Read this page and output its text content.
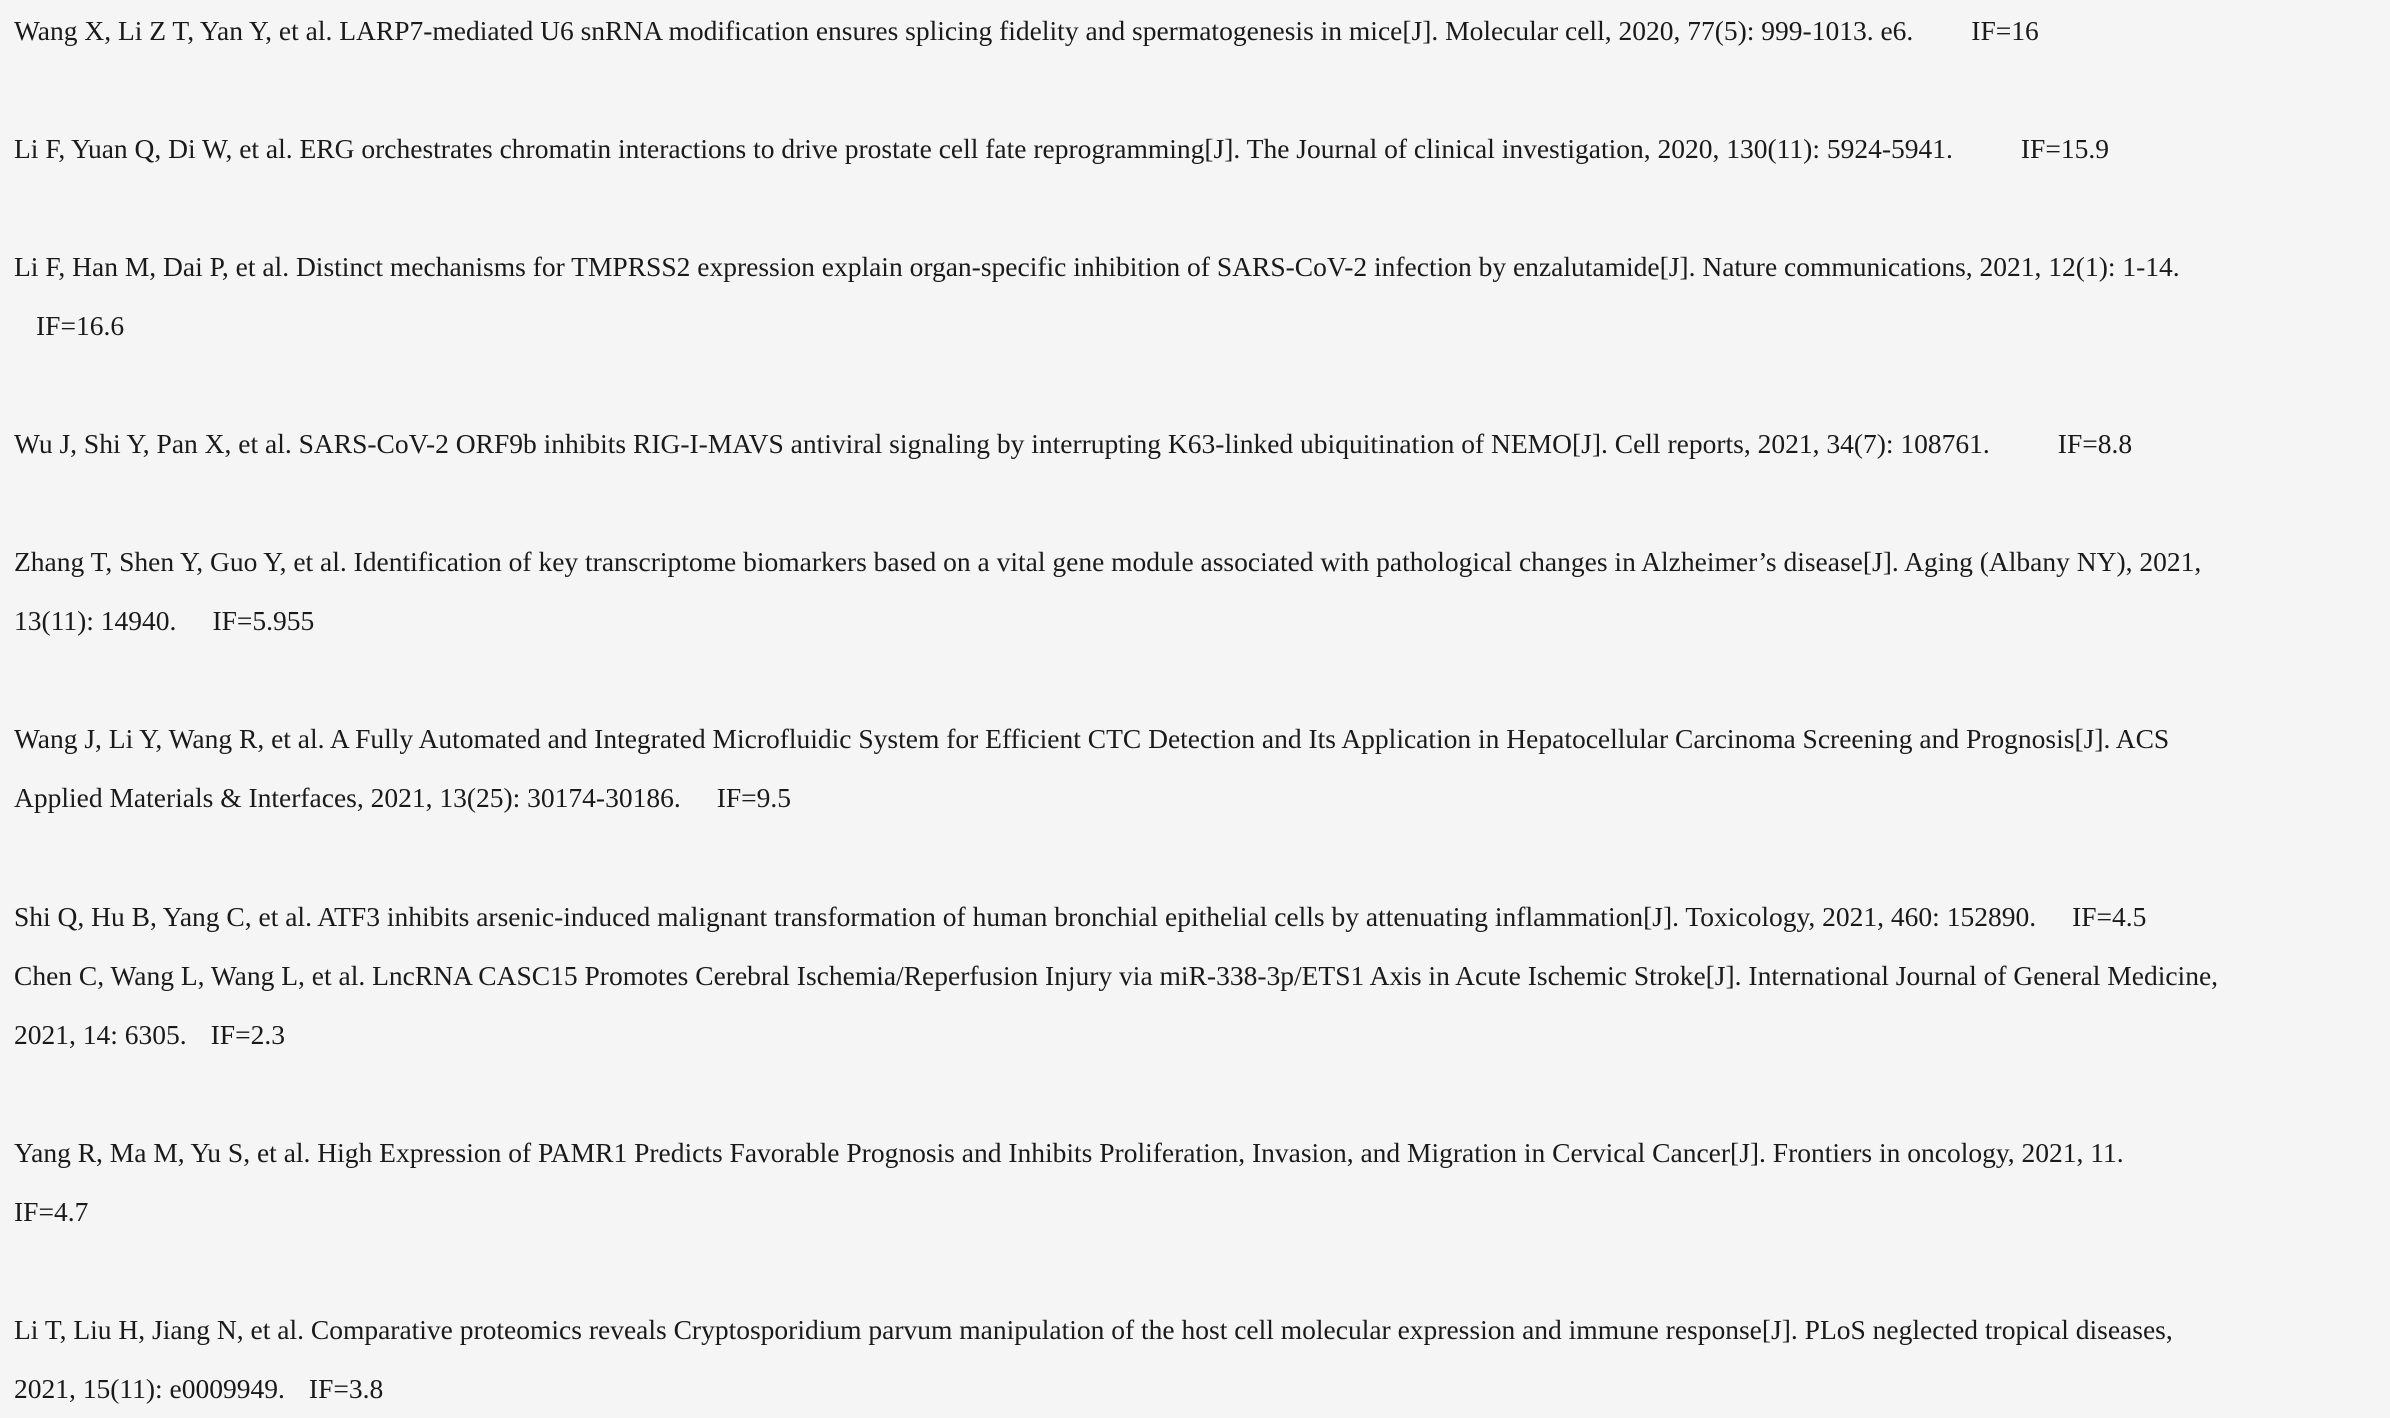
Wang X, Li Z T, Yan Y, et al. LARP7-mediated U6 snRNA modification ensures splicing fidelity and spermatogenesis in mice[J]. Molecular cell, 2020, 77(5): 999-1013. e6. IF=16

Li F, Yuan Q, Di W, et al. ERG orchestrates chromatin interactions to drive prostate cell fate reprogramming[J]. The Journal of clinical investigation, 2020, 130(11): 5924-5941. IF=15.9

Li F, Han M, Dai P, et al. Distinct mechanisms for TMPRSS2 expression explain organ-specific inhibition of SARS-CoV-2 infection by enzalutamide[J]. Nature communications, 2021, 12(1): 1-14.
IF=16.6

Wu J, Shi Y, Pan X, et al. SARS-CoV-2 ORF9b inhibits RIG-I-MAVS antiviral signaling by interrupting K63-linked ubiquitination of NEMO[J]. Cell reports, 2021, 34(7): 108761. IF=8.8

Zhang T, Shen Y, Guo Y, et al. Identification of key transcriptome biomarkers based on a vital gene module associated with pathological changes in Alzheimer’s disease[J]. Aging (Albany NY), 2021,
13(11): 14940. IF=5.955

Wang J, Li Y, Wang R, et al. A Fully Automated and Integrated Microfluidic System for Efficient CTC Detection and Its Application in Hepatocellular Carcinoma Screening and Prognosis[J]. ACS
Applied Materials & Interfaces, 2021, 13(25): 30174-30186. IF=9.5

Shi Q, Hu B, Yang C, et al. ATF3 inhibits arsenic-induced malignant transformation of human bronchial epithelial cells by attenuating inflammation[J]. Toxicology, 2021, 460: 152890. IF=4.5

Chen C, Wang L, Wang L, et al. LncRNA CASC15 Promotes Cerebral Ischemia/Reperfusion Injury via miR-338-3p/ETS1 Axis in Acute Ischemic Stroke[J]. International Journal of General Medicine,
2021, 14: 6305. IF=2.3

Yang R, Ma M, Yu S, et al. High Expression of PAMR1 Predicts Favorable Prognosis and Inhibits Proliferation, Invasion, and Migration in Cervical Cancer[J]. Frontiers in oncology, 2021, 11.
IF=4.7

Li T, Liu H, Jiang N, et al. Comparative proteomics reveals Cryptosporidium parvum manipulation of the host cell molecular expression and immune response[J]. PLoS neglected tropical diseases,
2021, 15(11): e0009949. IF=3.8
